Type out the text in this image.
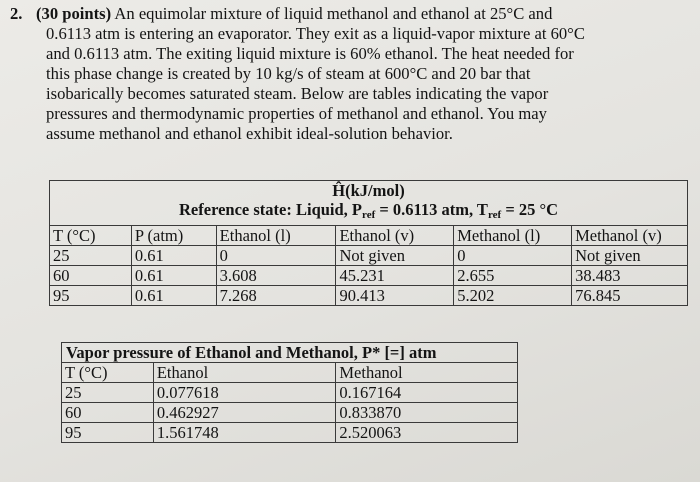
2. (30 points) An equimolar mixture of liquid methanol and ethanol at 25°C and
0.6113 atm is entering an evaporator. They exit as a liquid-vapor mixture at 60°C
and 0.6113 atm. The exiting liquid mixture is 60% ethanol. The heat needed for
this phase change is created by 10 kg/s of steam at 600°C and 20 bar that
isobarically becomes saturated steam. Below are tables indicating the vapor
pressures and thermodynamic properties of methanol and ethanol. You may
assume methanol and ethanol exhibit ideal-solution behavior.
Ĥ(kJ/mol)					
Reference state: Liquid, $P_{ref} = 0.6113$ atm, $T_{ref} = 25$ °C					
T (°C)	P (atm)	Ethanol (l)	Ethanol (v)	Methanol (l)	Methanol (v)
25	0.61	0	Not given	0	Not given
60	0.61	3.608	45.231	2.655	38.483
95	0.61	7.268	90.413	5.202	76.845
Vapor pressure of Ethanol and Methanol, P* [=] atm		
T (°C)	Ethanol	Methanol
25	0.077618	0.167164
60	0.462927	0.833870
95	1.561748	2.520063
